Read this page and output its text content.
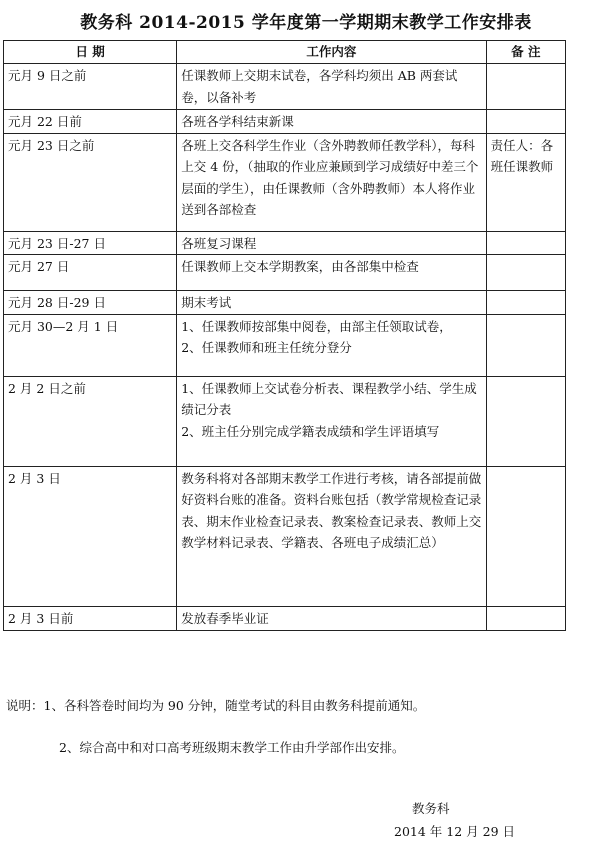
教务科 2014-2015 学年度第一学期期末教学工作安排表
日 期	工作内容	备 注
元月 9 日之前	任课教师上交期末试卷，各学科均须出 AB 两套试卷，以备补考	

元月 22 日前	各班各学科结束新课	

元月 23 日之前	各班上交各科学生作业（含外聘教师任教学科），每科上交 4 份，（抽取的作业应兼顾到学习成绩好中差三个层面的学生），由任课教师（含外聘教师）本人将作业送到各部检查	责任人：各班任课教师
元月 23 日-27 日	各班复习课程	

元月 27 日	任课教师上交本学期教案，由各部集中检查	

元月 28 日-29 日	期末考试	

元月 30—2 月 1 日	1、任课教师按部集中阅卷，由部主任领取试卷，
2、任课教师和班主任统分登分	

2 月 2 日之前	1、任课教师上交试卷分析表、课程教学小结、学生成绩记分表
2、班主任分别完成学籍表成绩和学生评语填写	

2 月 3 日	教务科将对各部期末教学工作进行考核，请各部提前做好资料台账的准备。资料台账包括（教学常规检查记录表、期末作业检查记录表、教案检查记录表、教师上交教学材料记录表、学籍表、各班电子成绩汇总）	

2 月 3 日前	发放春季毕业证	

说明：1、各科答卷时间均为 90 分钟，随堂考试的科目由教务科提前通知。
2、综合高中和对口高考班级期末教学工作由升学部作出安排。
教务科
2014 年 12 月 29 日
